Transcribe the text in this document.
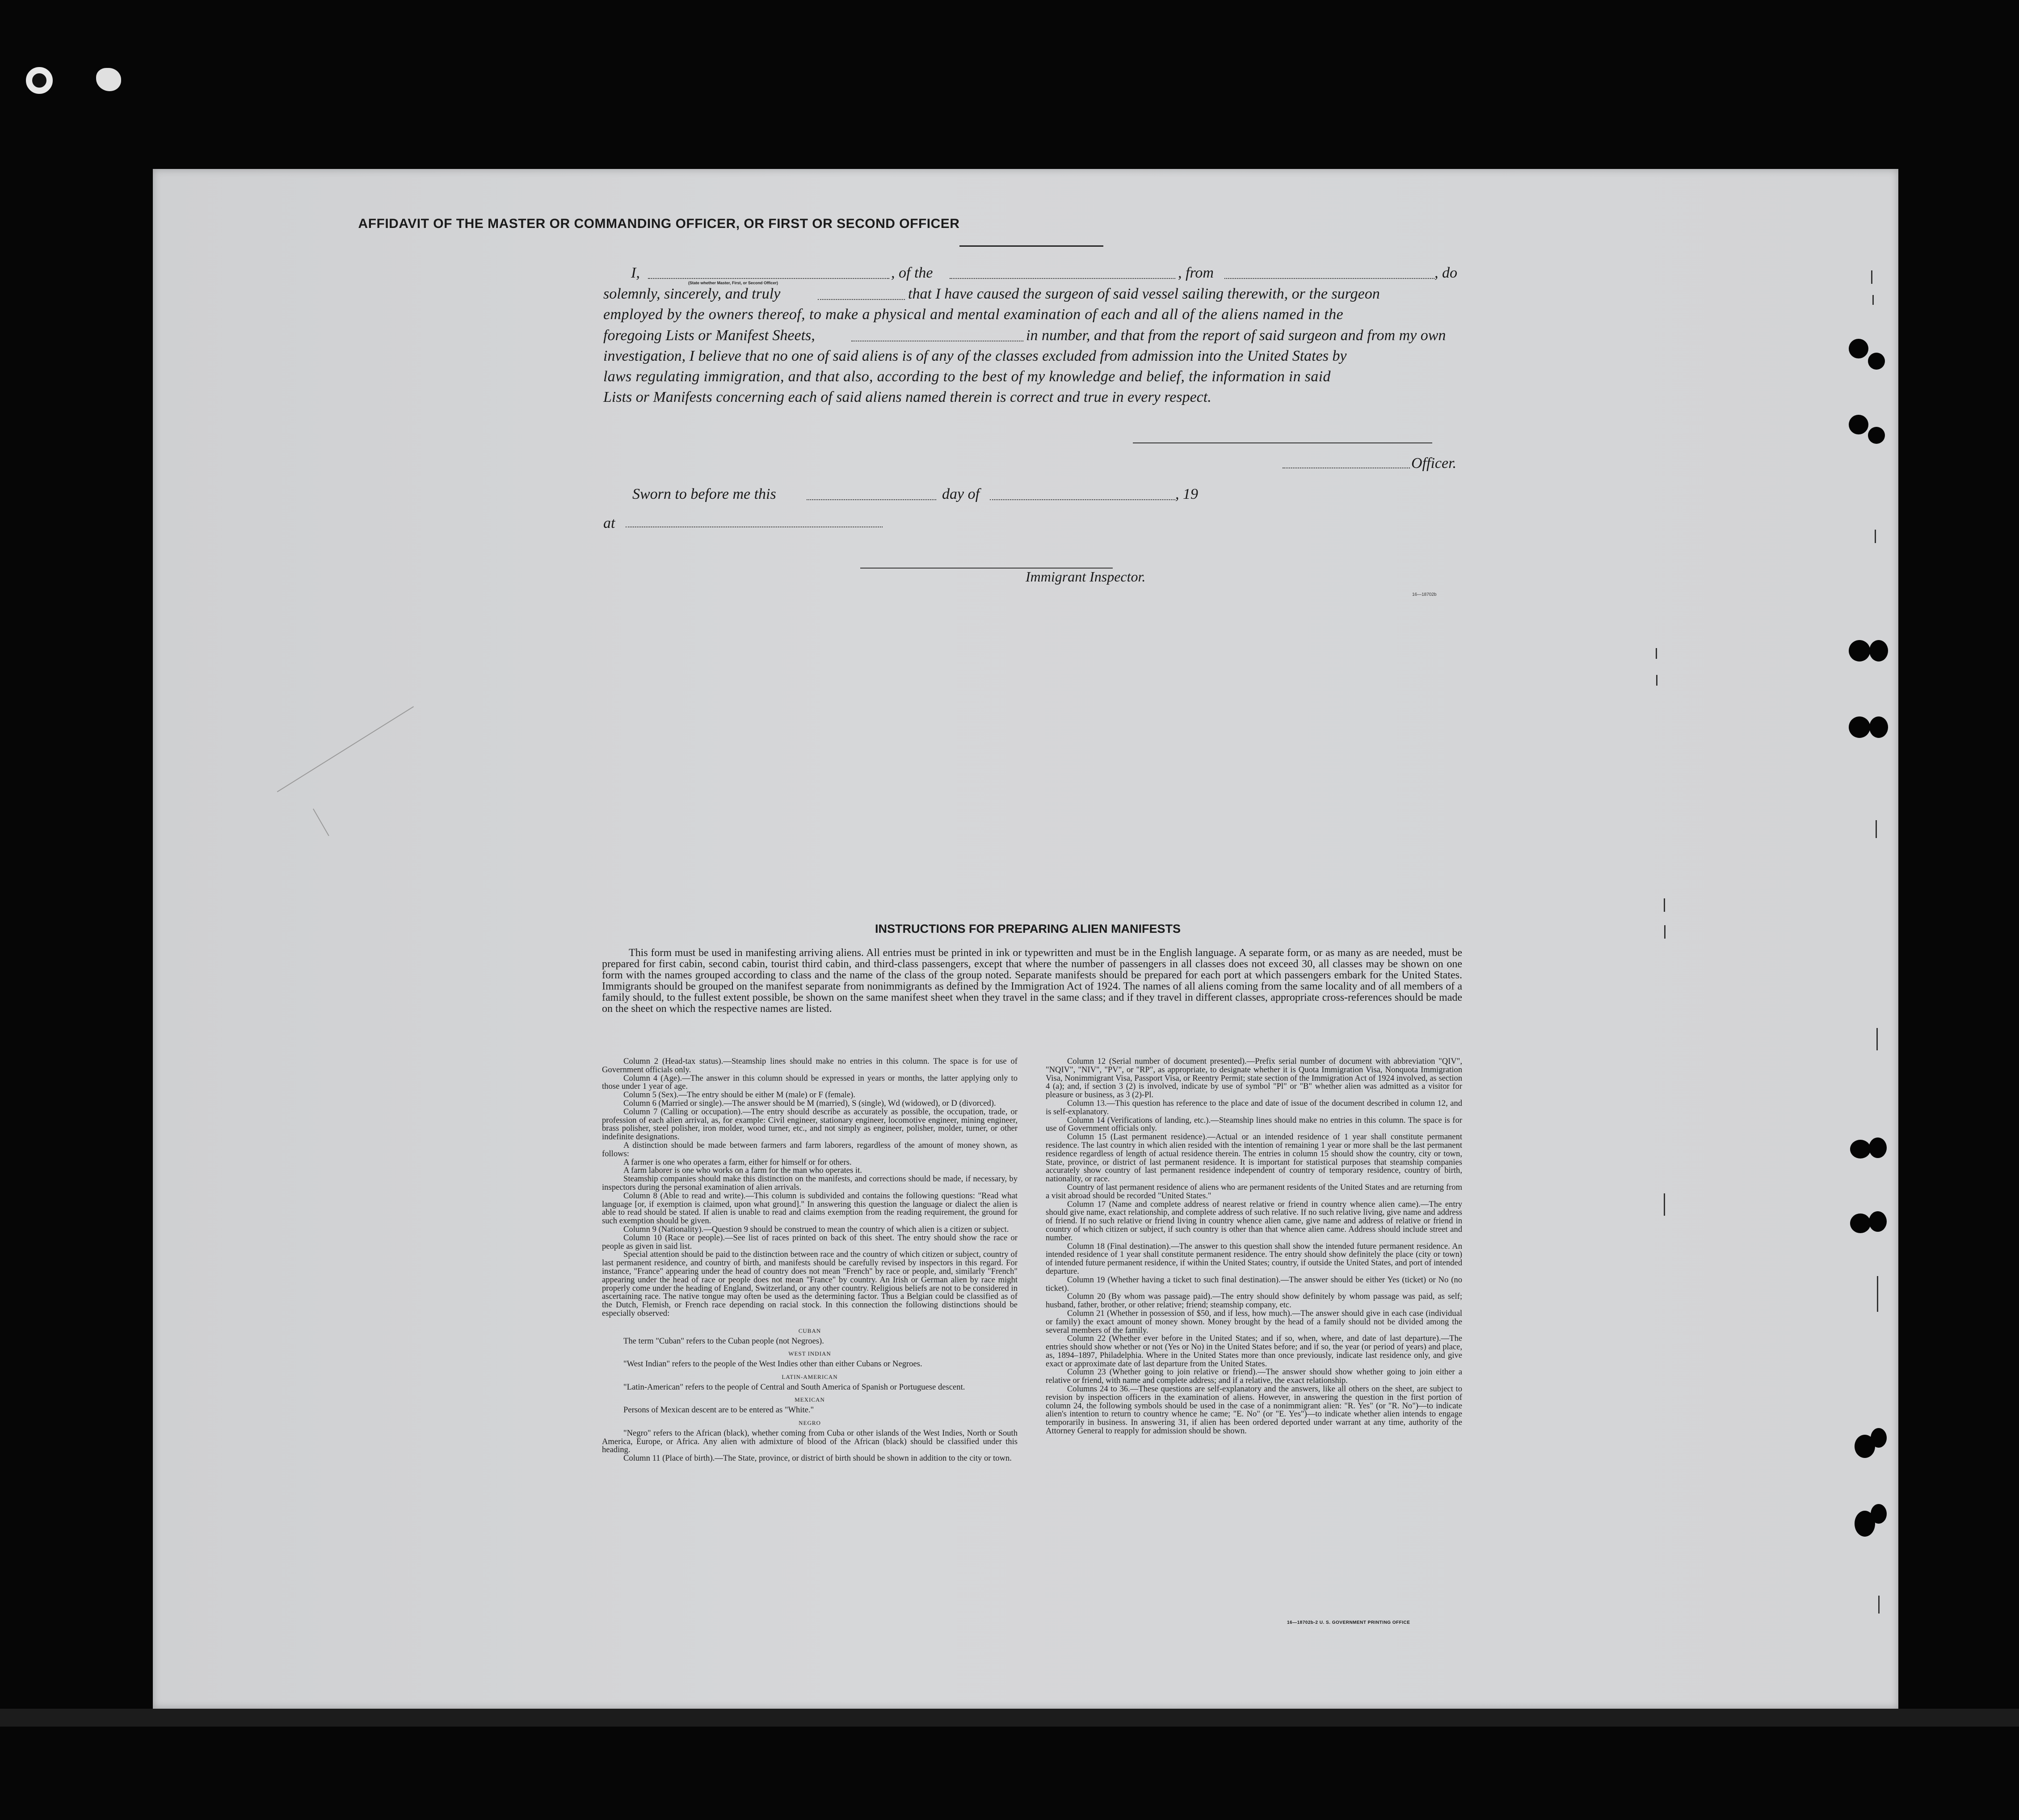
AFFIDAVIT OF THE MASTER OR COMMANDING OFFICER, OR FIRST OR SECOND OFFICER
I,
(State whether Master, First, or Second Officer)
, of the	, from	, do
solemnly, sincerely, and truly	that I have caused the surgeon of said vessel sailing therewith, or the surgeon
employed by the owners thereof, to make a physical and mental examination of each and all of the aliens named in the
foregoing Lists or Manifest Sheets,	in number, and that from the report of said surgeon and from my own
investigation, I believe that no one of said aliens is of any of the classes excluded from admission into the United States by
laws regulating immigration, and that also, according to the best of my knowledge and belief, the information in said
Lists or Manifests concerning each of said aliens named therein is correct and true in every respect.
Officer.
Sworn to before me this	day of	, 19
at
Immigrant Inspector.
16—18702b
INSTRUCTIONS FOR PREPARING ALIEN MANIFESTS
This form must be used in manifesting arriving aliens. All entries must be printed in ink or typewritten and must be in the English language. A separate form, or as many as are needed, must be prepared for first cabin, second cabin, tourist third cabin, and third-class passengers, except that where the number of passengers in all classes does not exceed 30, all classes may be shown on one form with the names grouped according to class and the name of the class of the group noted. Separate manifests should be prepared for each port at which passengers embark for the United States. Immigrants should be grouped on the manifest separate from nonimmigrants as defined by the Immigration Act of 1924. The names of all aliens coming from the same locality and of all members of a family should, to the fullest extent possible, be shown on the same manifest sheet when they travel in the same class; and if they travel in different classes, appropriate cross-references should be made on the sheet on which the respective names are listed.

Column 2 (Head-tax status).—Steamship lines should make no entries in this column. The space is for use of Government officials only.

Column 4 (Age).—The answer in this column should be expressed in years or months, the latter applying only to those under 1 year of age.

Column 5 (Sex).—The entry should be either M (male) or F (female).

Column 6 (Married or single).—The answer should be M (married), S (single), Wd (widowed), or D (divorced).

Column 7 (Calling or occupation).—The entry should describe as accurately as possible, the occupation, trade, or profession of each alien arrival, as, for example: Civil engineer, stationary engineer, locomotive engineer, mining engineer, brass polisher, steel polisher, iron molder, wood turner, etc., and not simply as engineer, polisher, molder, turner, or other indefinite designations.

A distinction should be made between farmers and farm laborers, regardless of the amount of money shown, as follows:

A farmer is one who operates a farm, either for himself or for others.

A farm laborer is one who works on a farm for the man who operates it.

Steamship companies should make this distinction on the manifests, and corrections should be made, if necessary, by inspectors during the personal examination of alien arrivals.

Column 8 (Able to read and write).—This column is subdivided and contains the following questions: "Read what language [or, if exemption is claimed, upon what ground]." In answering this question the language or dialect the alien is able to read should be stated. If alien is unable to read and claims exemption from the reading requirement, the ground for such exemption should be given.

Column 9 (Nationality).—Question 9 should be construed to mean the country of which alien is a citizen or subject.

Column 10 (Race or people).—See list of races printed on back of this sheet. The entry should show the race or people as given in said list.

Special attention should be paid to the distinction between race and the country of which citizen or subject, country of last permanent residence, and country of birth, and manifests should be carefully revised by inspectors in this regard. For instance, "France" appearing under the head of country does not mean "French" by race or people, and, similarly "French" appearing under the head of race or people does not mean "France" by country. An Irish or German alien by race might properly come under the heading of England, Switzerland, or any other country. Religious beliefs are not to be considered in ascertaining race. The native tongue may often be used as the determining factor. Thus a Belgian could be classified as of the Dutch, Flemish, or French race depending on racial stock. In this connection the following distinctions should be especially observed:

CUBAN

The term "Cuban" refers to the Cuban people (not Negroes).

WEST INDIAN

"West Indian" refers to the people of the West Indies other than either Cubans or Negroes.

LATIN-AMERICAN

"Latin-American" refers to the people of Central and South America of Spanish or Portuguese descent.

MEXICAN

Persons of Mexican descent are to be entered as "White."

NEGRO

"Negro" refers to the African (black), whether coming from Cuba or other islands of the West Indies, North or South America, Europe, or Africa. Any alien with admixture of blood of the African (black) should be classified under this heading.

Column 11 (Place of birth).—The State, province, or district of birth should be shown in addition to the city or town.

Column 12 (Serial number of document presented).—Prefix serial number of document with abbreviation "QIV", "NQIV", "NIV", "PV", or "RP", as appropriate, to designate whether it is Quota Immigration Visa, Nonquota Immigration Visa, Nonimmigrant Visa, Passport Visa, or Reentry Permit; state section of the Immigration Act of 1924 involved, as section 4 (a); and, if section 3 (2) is involved, indicate by use of symbol "Pl" or "B" whether alien was admitted as a visitor for pleasure or business, as 3 (2)-Pl.

Column 13.—This question has reference to the place and date of issue of the document described in column 12, and is self-explanatory.

Column 14 (Verifications of landing, etc.).—Steamship lines should make no entries in this column. The space is for use of Government officials only.

Column 15 (Last permanent residence).—Actual or an intended residence of 1 year shall constitute permanent residence. The last country in which alien resided with the intention of remaining 1 year or more shall be the last permanent residence regardless of length of actual residence therein. The entries in column 15 should show the country, city or town, State, province, or district of last permanent residence. It is important for statistical purposes that steamship companies accurately show country of last permanent residence independent of country of temporary residence, country of birth, nationality, or race.

Country of last permanent residence of aliens who are permanent residents of the United States and are returning from a visit abroad should be recorded "United States."

Column 17 (Name and complete address of nearest relative or friend in country whence alien came).—The entry should give name, exact relationship, and complete address of such relative. If no such relative living, give name and address of friend. If no such relative or friend living in country whence alien came, give name and address of relative or friend in country of which citizen or subject, if such country is other than that whence alien came. Address should include street and number.

Column 18 (Final destination).—The answer to this question shall show the intended future permanent residence. An intended residence of 1 year shall constitute permanent residence. The entry should show definitely the place (city or town) of intended future permanent residence, if within the United States; country, if outside the United States, and port of intended departure.

Column 19 (Whether having a ticket to such final destination).—The answer should be either Yes (ticket) or No (no ticket).

Column 20 (By whom was passage paid).—The entry should show definitely by whom passage was paid, as self; husband, father, brother, or other relative; friend; steamship company, etc.

Column 21 (Whether in possession of $50, and if less, how much).—The answer should give in each case (individual or family) the exact amount of money shown. Money brought by the head of a family should not be divided among the several members of the family.

Column 22 (Whether ever before in the United States; and if so, when, where, and date of last departure).—The entries should show whether or not (Yes or No) in the United States before; and if so, the year (or period of years) and place, as, 1894–1897, Philadelphia. Where in the United States more than once previously, indicate last residence only, and give exact or approximate date of last departure from the United States.

Column 23 (Whether going to join relative or friend).—The answer should show whether going to join either a relative or friend, with name and complete address; and if a relative, the exact relationship.

Columns 24 to 36.—These questions are self-explanatory and the answers, like all others on the sheet, are subject to revision by inspection officers in the examination of aliens. However, in answering the question in the first portion of column 24, the following symbols should be used in the case of a nonimmigrant alien: "R. Yes" (or "R. No")—to indicate alien's intention to return to country whence he came; "E. No" (or "E. Yes")—to indicate whether alien intends to engage temporarily in business. In answering 31, if alien has been ordered deported under warrant at any time, authority of the Attorney General to reapply for admission should be shown.

16—18702b-2 U. S. GOVERNMENT PRINTING OFFICE
